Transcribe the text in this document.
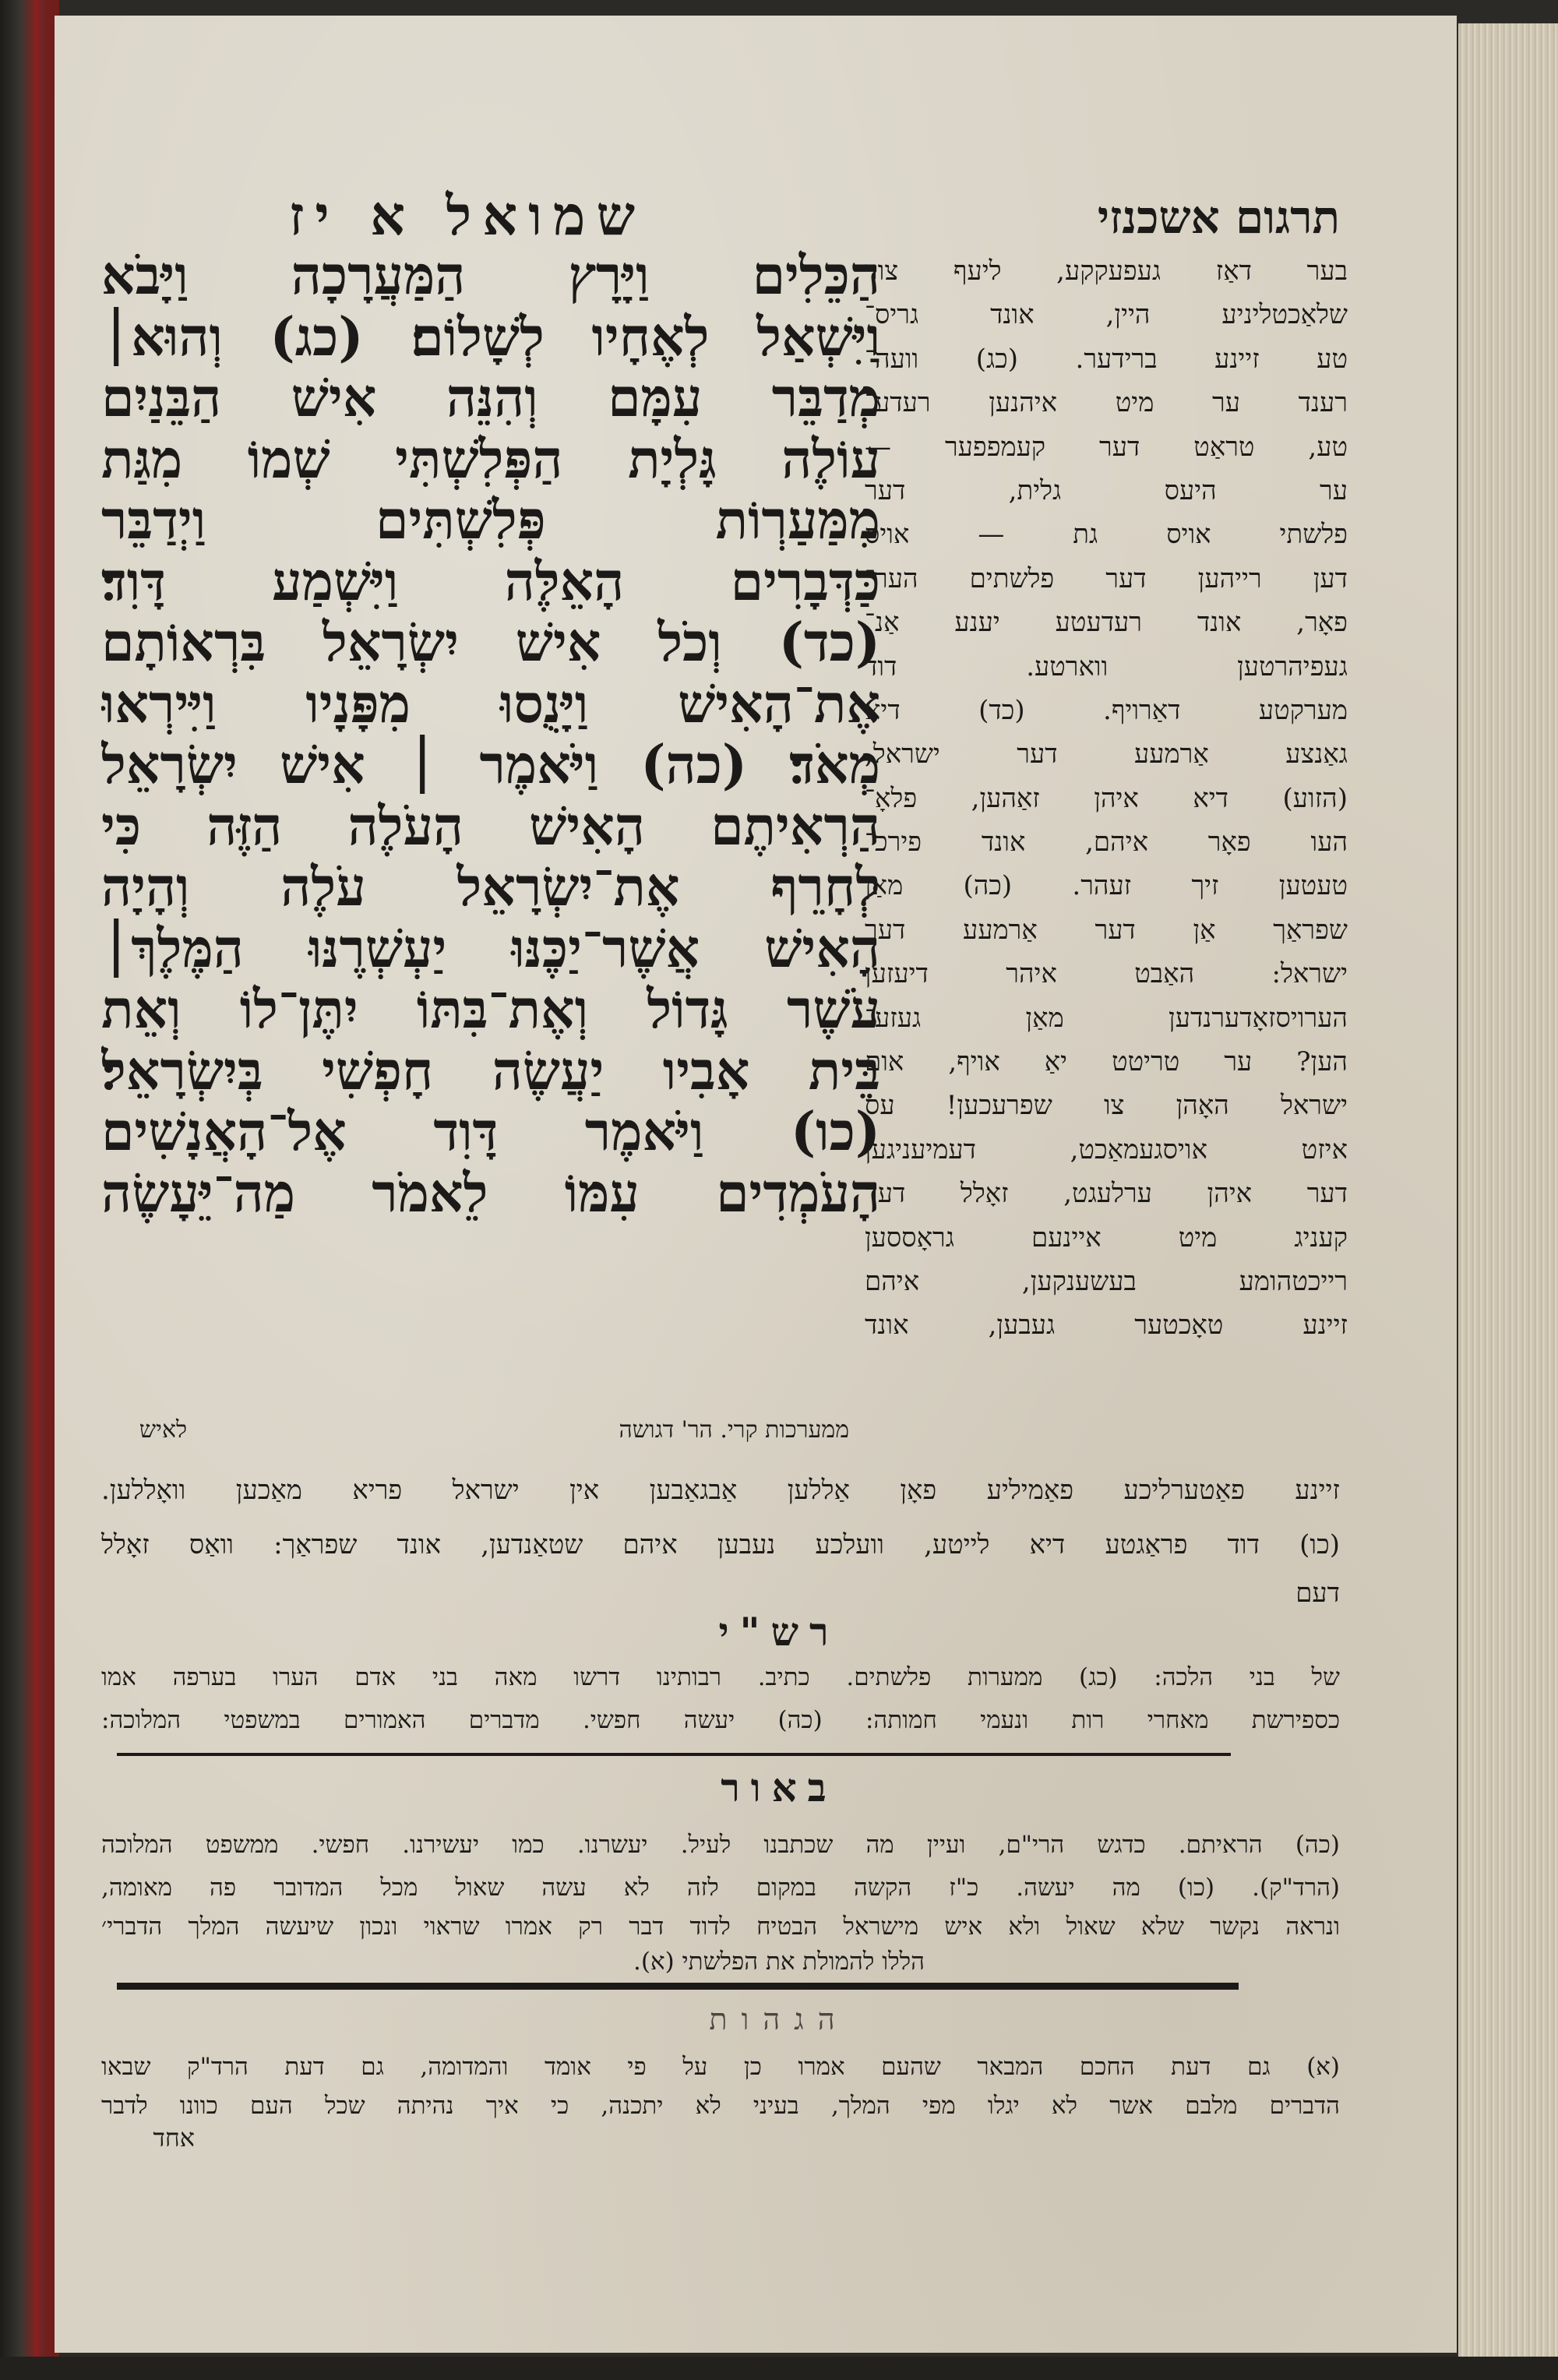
שמואל א יז	תרגום אשכנזי
הַכֵּלִים וַיָּרָץ הַמַּעֲרָכָה וַיָּבֹא
וַיִּשְׁאַל לְאֶחָיו לְשָׁלוֹם׃ (כג) וְהוּא׀
מְדַבֵּר עִמָּם וְהִנֵּה אִישׁ הַבֵּנַיִם
עוֹלֶה גָּלְיָת הַפְּלִשְׁתִּי שְׁמוֹ מִגַּת
מִמַּעַרְוֹת פְּלִשְׁתִּים וַיְדַבֵּר
כַּדְּבָרִים הָאֵלֶּה וַיִּשְׁמַע דָּוִד׃
(כד) וְכֹל אִישׁ יִשְׂרָאֵל בִּרְאוֹתָם
אֶת־הָאִישׁ וַיָּנֻסוּ מִפָּנָיו וַיִּירְאוּ
מְאֹד׃ (כה) וַיֹּאמֶר ׀ אִישׁ יִשְׂרָאֵל
הַרְאִיתֶם הָאִישׁ הָעֹלֶה הַזֶּה כִּי
לְחָרֵף אֶת־יִשְׂרָאֵל עֹלֶה וְהָיָה
הָאִישׁ אֲשֶׁר־יַכֶּנּוּ יַעְשְׁרֶנּוּ הַמֶּלֶךְ׀
עֹשֶׁר גָּדוֹל וְאֶת־בִּתּוֹ יִתֶּן־לוֹ וְאֵת
בֵּית אָבִיו יַעֲשֶׂה חָפְשִׁי בְּיִשְׂרָאֵל׃
(כו) וַיֹּאמֶר דָּוִד אֶל־הָאֲנָשִׁים
הָעֹמְדִים עִמּוֹ לֵאמֹר מַה־יֵּעָשֶׂה
ממערכות קרי. הר' דגושה
לאיש
בער דאַז געפעקקע, ליעף צור
שלאַכטליניע היין, אונד גריס־
טע זיינע ברידער. (כג) וועה־
רענד ער מיט איהנען רעדע־
טע, טראַט דער קעמפפער —
ער היעס גלית, דער
פלשתי אויס גת — אויס
דען רייהען דער פלשתים הער־
פאָר, אונד רעדעטע יענע אַנ־
געפיהרטען ווארטע. דוד
מערקטע דאַרויף. (כד) דיא
גאַנצע אַרמעע דער ישראל,
(הזוע) דיא איהן זאַהען, פלאָ־
העו פאָר איהם, אונד פירכ־
טעטען זיך זעהר. (כה) מאַן
שפראַך אַן דער אַרמעע דער
ישראל: האַבט איהר דיעזען
הערויסזאָדערנדען מאַן געזע־
הען? ער טריטט יאַ אויף, אום
ישראל האָהן צו שפרעכען! עס
איזט אויסגעמאַכט, דעמיעניגען
דער איהן ערלעגט, זאָלל דער
קעניג מיט איינעם גראָססען
רייכטהומע בעשענקען, איהם
זיינע טאָכטער געבען, אונד
זיינע פאַטערליכע פאַמיליע פאָן אַללען אַבגאַבען אין ישראל פריא מאַכען וואָללען.
(כו) דוד פראַגטע דיא לייטע, וועלכע נעבען איהם שטאַנדען, אונד שפראַך: וואַס זאָלל
דעם
רש"י
של בני הלכה: (כג) ממערות פלשתים. כתיב. רבותינו דרשו מאה בני אדם הערו בערפה אמו
כספירשת מאחרי רות ונעמי חמותה: (כה) יעשה חפשי. מדברים האמורים במשפטי המלוכה:
באור
(כה) הראיתם. כדגש הרי"ם, ועיין מה שכתבנו לעיל. יעשרנו. כמו יעשירנו. חפשי. ממשפט המלוכה
(הרד"ק). (כו) מה יעשה. כ"ז הקשה במקום לזה לא עשה שאול מכל המדובר פה מאומה,
ונראה נקשר שלא שאול ולא איש מישראל הבטיח לדוד דבר רק אמרו שראוי ונכון שיעשה המלך הדברי׳
הללו להמולת את הפלשתי (א).
הגהות
(א) גם דעת החכם המבאר שהעם אמרו כן על פי אומד והמדומה, גם דעת הרד"ק שבאו
הדברים מלבם אשר לא יגלו מפי המלך, בעיני לא יתכנה, כי איך נהיתה שכל העם כוונו לדבר
אחד
